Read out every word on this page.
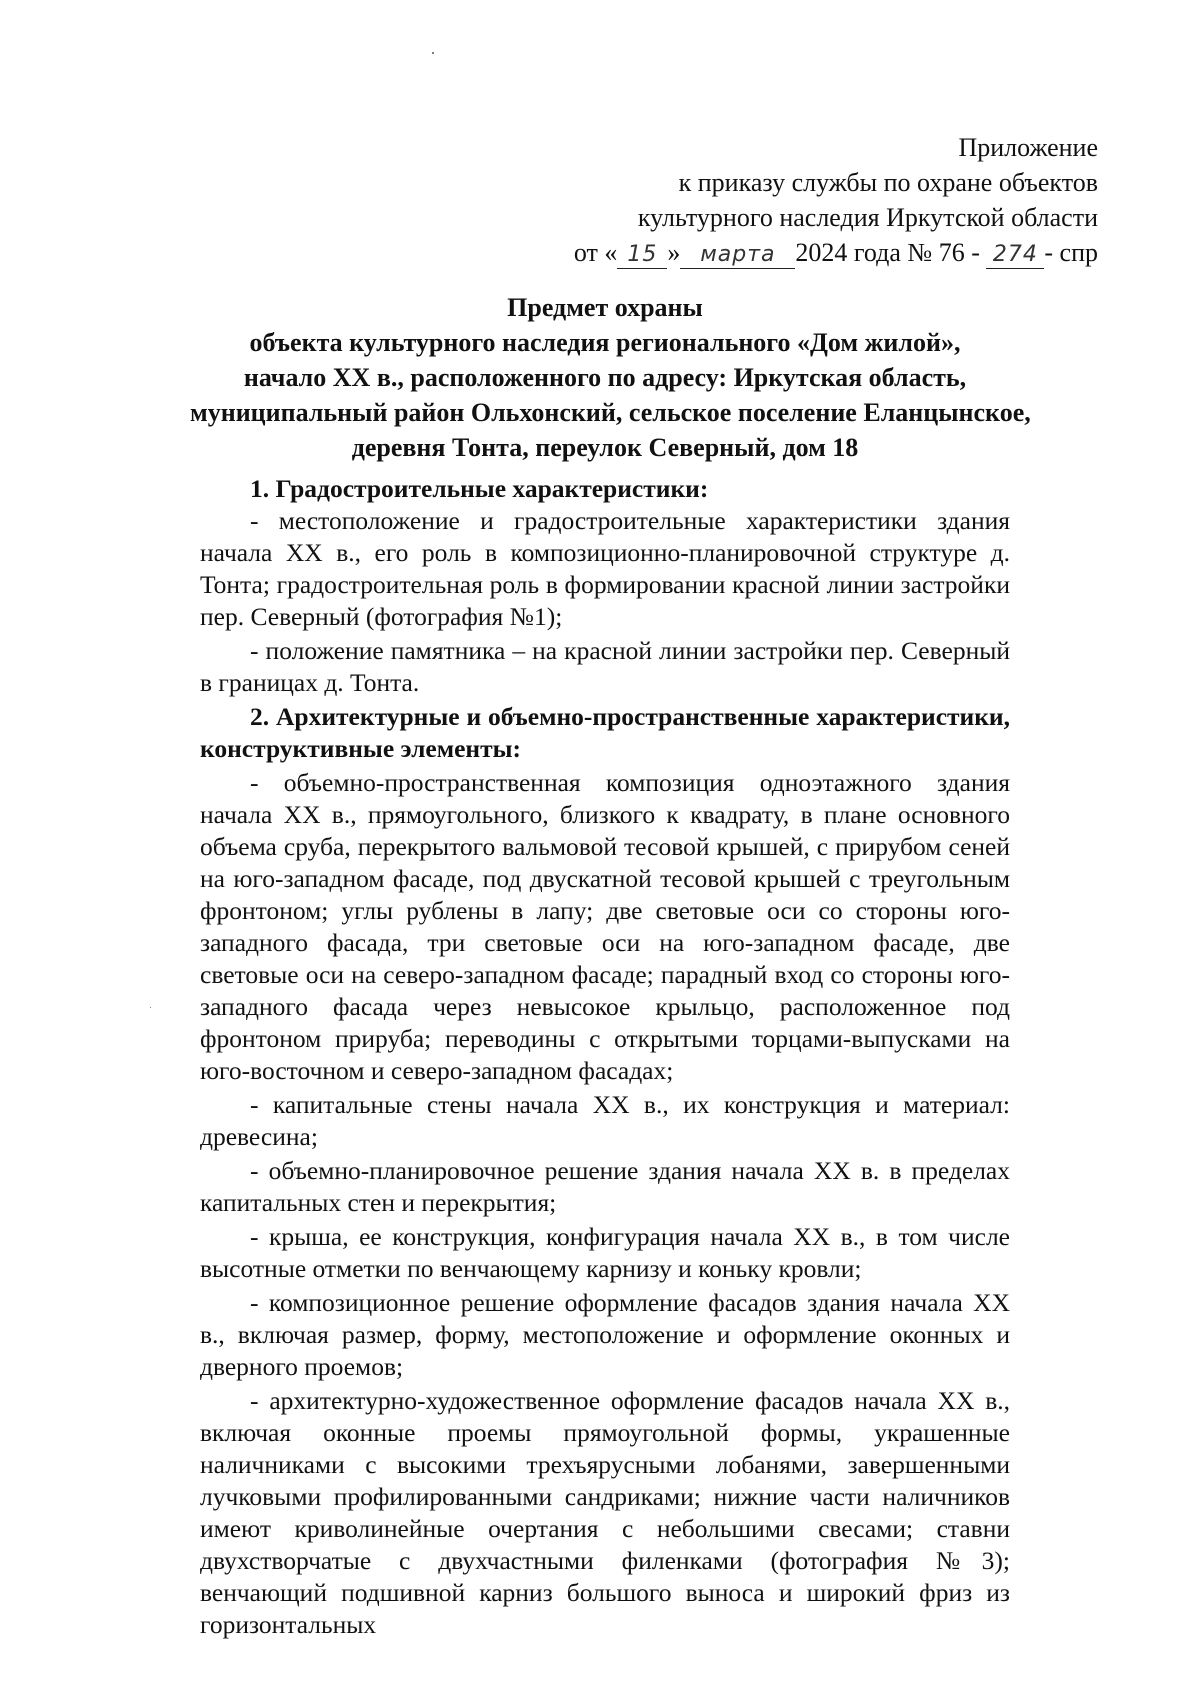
Приложение
к приказу службы по охране объектов
культурного наследия Иркутской области
от « 15 » марта 2024 года № 76 - 274 - спр
Предмет охраны
объекта культурного наследия регионального «Дом жилой»,
начало XX в., расположенного по адресу: Иркутская область,
муниципальный район Ольхонский, сельское поселение Еланцынское,
деревня Тонта, переулок Северный, дом 18

1. Градостроительные характеристики:

- местоположение и градостроительные характеристики здания начала XX в., его роль в композиционно-планировочной структуре д. Тонта; градостроительная роль в формировании красной линии застройки пер. Северный (фотография №1);

- положение памятника – на красной линии застройки пер. Северный в границах д. Тонта.

2. Архитектурные и объемно-пространственные характеристики, конструктивные элементы:

- объемно-пространственная композиция одноэтажного здания начала XX в., прямоугольного, близкого к квадрату, в плане основного объема сруба, перекрытого вальмовой тесовой крышей, с прирубом сеней на юго-западном фасаде, под двускатной тесовой крышей с треугольным фронтоном; углы рублены в лапу; две световые оси со стороны юго-западного фасада, три световые оси на юго-западном фасаде, две световые оси на северо-западном фасаде; парадный вход со стороны юго-западного фасада через невысокое крыльцо, расположенное под фронтоном прируба; переводины с открытыми торцами-выпусками на юго-восточном и северо-западном фасадах;

- капитальные стены начала XX в., их конструкция и материал: древесина;

- объемно-планировочное решение здания начала XX в. в пределах капитальных стен и перекрытия;

- крыша, ее конструкция, конфигурация начала XX в., в том числе высотные отметки по венчающему карнизу и коньку кровли;

- композиционное решение оформление фасадов здания начала XX в., включая размер, форму, местоположение и оформление оконных и дверного проемов;

- архитектурно-художественное оформление фасадов начала XX в., включая оконные проемы прямоугольной формы, украшенные наличниками с высокими трехъярусными лобанями, завершенными лучковыми профилированными сандриками; нижние части наличников имеют криволинейные очертания с небольшими свесами; ставни двухстворчатые с двухчастными филенками (фотография №3); венчающий подшивной карниз большого выноса и широкий фриз из горизонтальных
